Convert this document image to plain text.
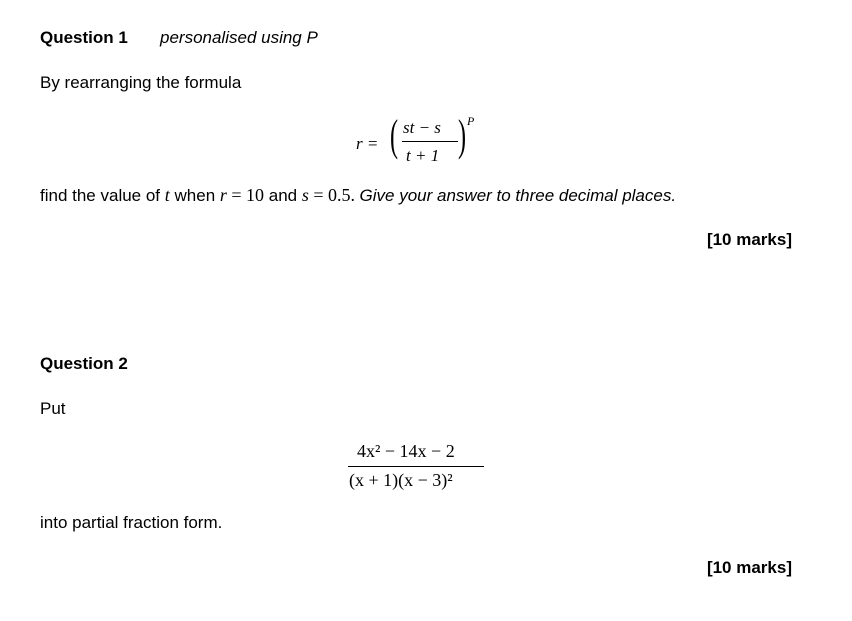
Question 1 personalised using P
By rearranging the formula
r = ( st − s
t + 1 ) P
find the value of t when r = 10 and s = 0.5. Give your answer to three decimal places.
[10 marks]
Question 2
Put
4x² − 14x − 2
(x + 1)(x − 3)²
into partial fraction form.
[10 marks]
